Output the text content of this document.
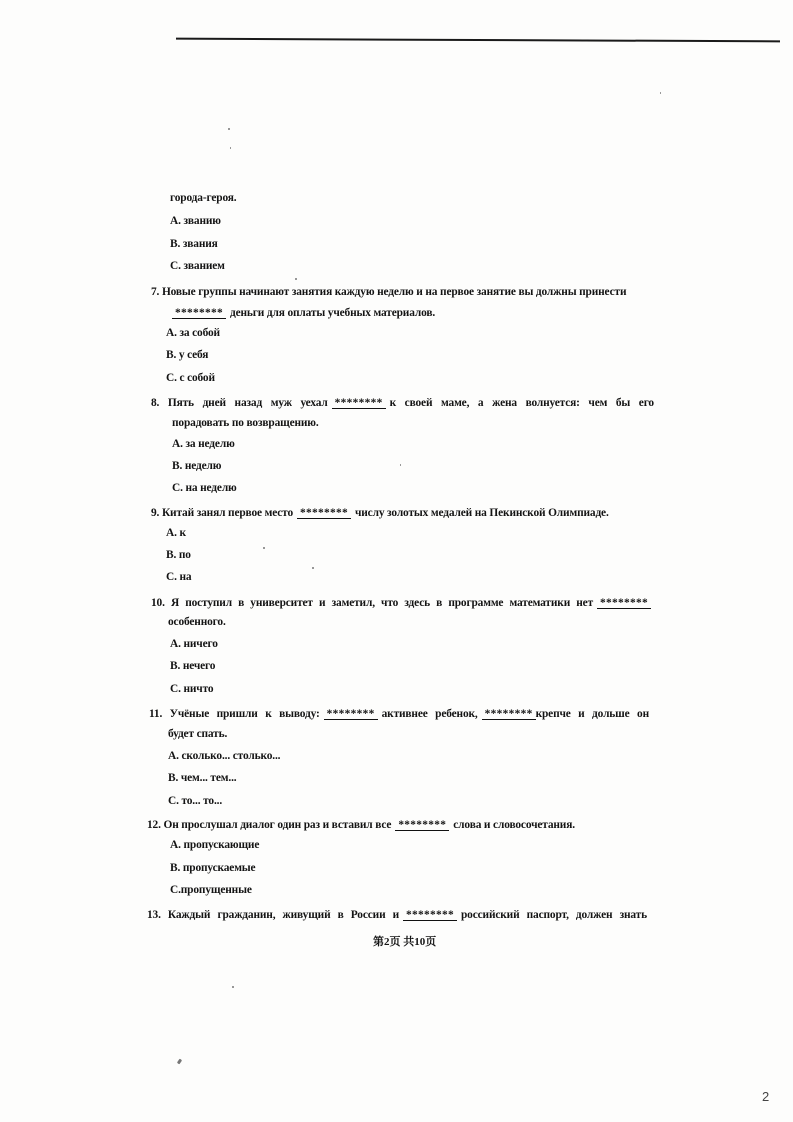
города-героя.
А. званию
В. звания
С. званием
7. Новые группы начинают занятия каждую неделю и на первое занятие вы должны принести
******** деньги для оплаты учебных материалов.
А. за собой
В. у себя
С. с собой
8. Пять дней назад муж уехал ******** к своей маме, а жена волнуется: чем бы его
порадовать по возвращению.
А. за неделю
В. неделю
С. на неделю
9. Китай занял первое место ******** числу золотых медалей на Пекинской Олимпиаде.
А. к
В. по
С. на
10. Я поступил в университет и заметил, что здесь в программе математики нет ********
особенного.
А. ничего
В. нечего
С. ничто
11. Учёные пришли к выводу: ******** активнее ребенок, ******** крепче и дольше он
будет спать.
А. сколько... столько...
В. чем... тем...
С. то... то...
12. Он прослушал диалог один раз и вставил все ******** слова и словосочетания.
А. пропускающие
В. пропускаемые
С.пропущенные
13. Каждый гражданин, живущий в России и ******** российский паспорт, должен знать
第2页 共10页
2
